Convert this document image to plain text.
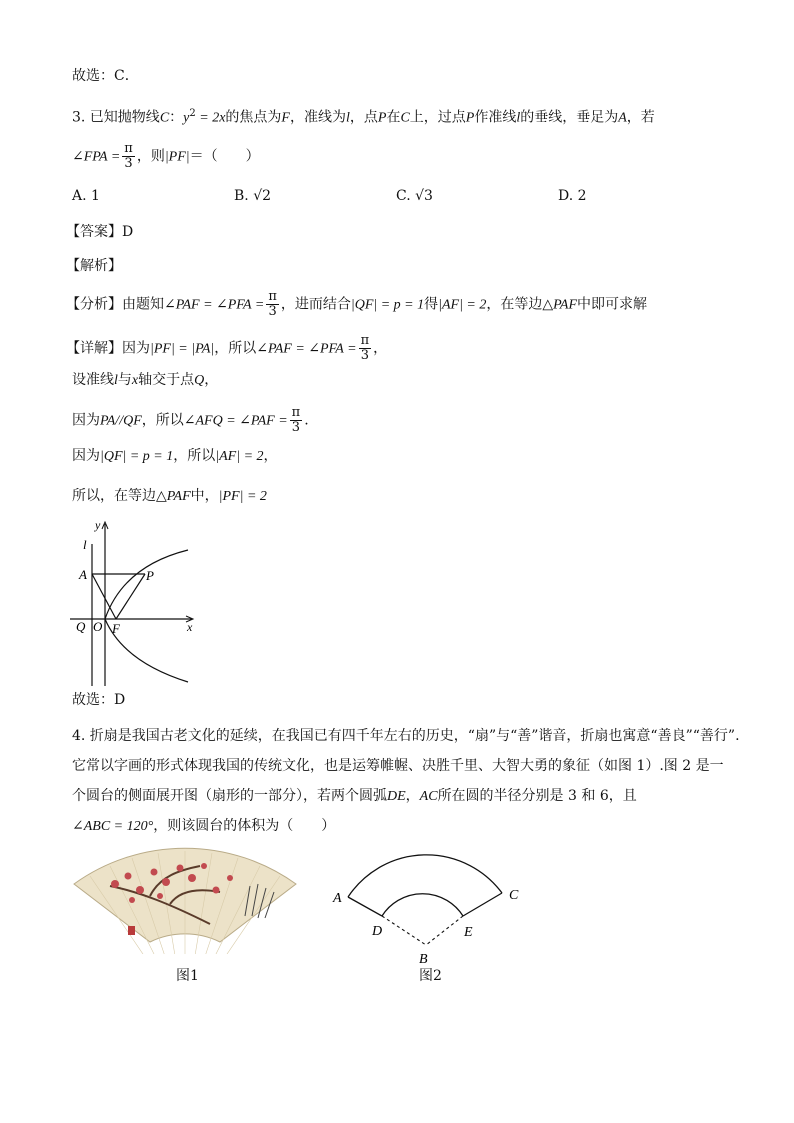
故选：C．
3. 已知抛物线C：$y^2 = 2x$的焦点为F，准线为l，点P在C上，过点P作准线l的垂线，垂足为A，若
∠FPA = $\frac{\pi}{3}$ ，则|PF|＝（　　）
A. 1	B. √2	C. √3	D. 2
【答案】D
【解析】
【分析】由题知∠PAF = ∠PFA = $\frac{\pi}{3}$ ，进而结合|QF| = p = 1得|AF| = 2，在等边△PAF中即可求解
【详解】因为|PF| = |PA|，所以∠PAF = ∠PFA = $\frac{\pi}{3}$ ，
设准线l与x轴交于点Q，
因为PA//QF，所以∠AFQ = ∠PAF = $\frac{\pi}{3}$ .
因为|QF| = p = 1，所以|AF| = 2，
所以，在等边△PAF中，|PF| = 2
y
l
A	P
Q O F	x
故选：D
4. 折扇是我国古老文化的延续，在我国已有四千年左右的历史，“扇”与“善”谐音，折扇也寓意“善良”“善行”.
它常以字画的形式体现我国的传统文化，也是运筹帷幄、决胜千里、大智大勇的象征（如图 1）.图 2 是一
个圆台的侧面展开图（扇形的一部分），若两个圆弧DE，AC所在圆的半径分别是 3 和 6，且
∠ABC = 120°，则该圆台的体积为（　　）
图1
A	C
D	E
B
图2
